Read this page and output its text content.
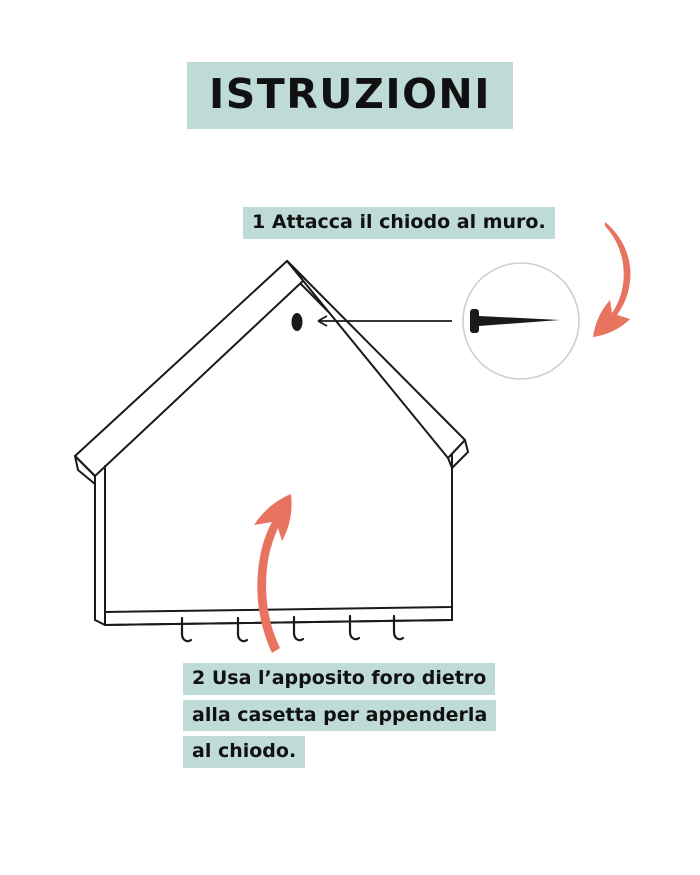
ISTRUZIONI
1 Attacca il chiodo al muro.
2 Usa l’apposito foro dietro
alla casetta per appenderla
al chiodo.
